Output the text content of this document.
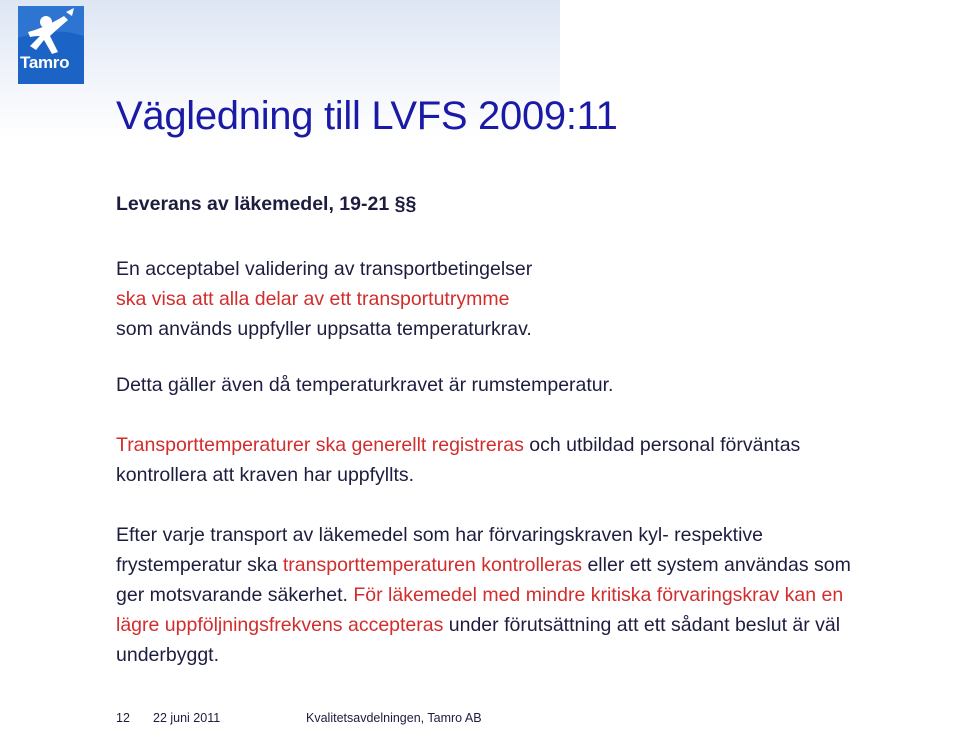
Tamro
Vägledning till LVFS 2009:11
Leverans av läkemedel, 19-21 §§
En acceptabel validering av transportbetingelser
ska visa att alla delar av ett transportutrymme
som används uppfyller uppsatta temperaturkrav.
Detta gäller även då temperaturkravet är rumstemperatur.
Transporttemperaturer ska generellt registreras och utbildad personal förväntas
kontrollera att kraven har uppfyllts.
Efter varje transport av läkemedel som har förvaringskraven kyl- respektive
frystemperatur ska transporttemperaturen kontrolleras eller ett system användas som
ger motsvarande säkerhet. För läkemedel med mindre kritiska förvaringskrav kan en
lägre uppföljningsfrekvens accepteras under förutsättning att ett sådant beslut är väl
underbyggt.
12 22 juni 2011	Kvalitetsavdelningen, Tamro AB
